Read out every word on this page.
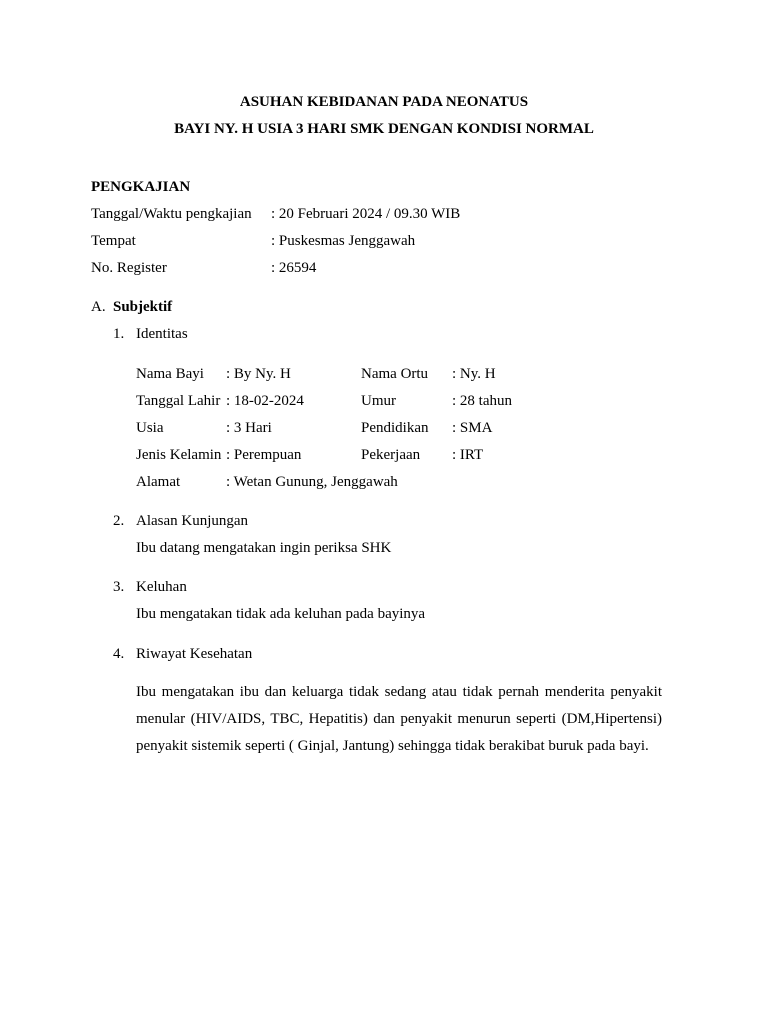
ASUHAN KEBIDANAN PADA NEONATUS
BAYI NY. H USIA 3 HARI SMK DENGAN KONDISI NORMAL
PENGKAJIAN
Tanggal/Waktu pengkajian : 20 Februari 2024 / 09.30 WIB
Tempat	: Puskesmas Jenggawah
No. Register	: 26594
A. Subjektif
1. Identitas
Nama Bayi : By Ny. H	Nama Ortu : Ny. H
Tanggal Lahir : 18-02-2024	Umur	: 28 tahun
Usia	: 3 Hari	Pendidikan : SMA
Jenis Kelamin : Perempuan	Pekerjaan : IRT
Alamat	: Wetan Gunung, Jenggawah
2. Alasan Kunjungan
Ibu datang mengatakan ingin periksa SHK
3. Keluhan
Ibu mengatakan tidak ada keluhan pada bayinya
4. Riwayat Kesehatan
Ibu mengatakan ibu dan keluarga tidak sedang atau tidak pernah menderita penyakit menular (HIV/AIDS, TBC, Hepatitis) dan penyakit menurun seperti (DM,Hipertensi) penyakit sistemik seperti ( Ginjal, Jantung) sehingga tidak berakibat buruk pada bayi.
